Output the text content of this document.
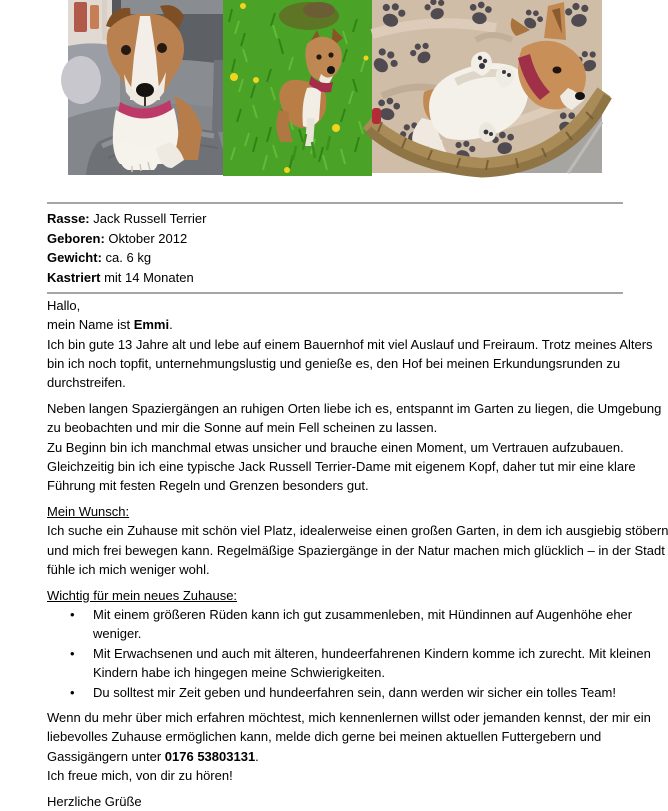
Rasse: Jack Russell Terrier
Geboren: Oktober 2012
Gewicht: ca. 6 kg
Kastriert mit 14 Monaten
Hallo,
mein Name ist Emmi.
Ich bin gute 13 Jahre alt und lebe auf einem Bauernhof mit viel Auslauf und Freiraum. Trotz meines Alters
bin ich noch topfit, unternehmungslustig und genieße es, den Hof bei meinen Erkundungsrunden zu
durchstreifen.
Neben langen Spaziergängen an ruhigen Orten liebe ich es, entspannt im Garten zu liegen, die Umgebung
zu beobachten und mir die Sonne auf mein Fell scheinen zu lassen.
Zu Beginn bin ich manchmal etwas unsicher und brauche einen Moment, um Vertrauen aufzubauen.
Gleichzeitig bin ich eine typische Jack Russell Terrier-Dame mit eigenem Kopf, daher tut mir eine klare
Führung mit festen Regeln und Grenzen besonders gut.
Mein Wunsch:
Ich suche ein Zuhause mit schön viel Platz, idealerweise einen großen Garten, in dem ich ausgiebig stöbern
und mich frei bewegen kann. Regelmäßige Spaziergänge in der Natur machen mich glücklich – in der Stadt
fühle ich mich weniger wohl.
Wichtig für mein neues Zuhause:
• Mit einem größeren Rüden kann ich gut zusammenleben, mit Hündinnen auf Augenhöhe eher
weniger.
• Mit Erwachsenen und auch mit älteren, hundeerfahrenen Kindern komme ich zurecht. Mit kleinen
Kindern habe ich hingegen meine Schwierigkeiten.
• Du solltest mir Zeit geben und hundeerfahren sein, dann werden wir sicher ein tolles Team!
Wenn du mehr über mich erfahren möchtest, mich kennenlernen willst oder jemanden kennst, der mir ein
liebevolles Zuhause ermöglichen kann, melde dich gerne bei meinen aktuellen Futtergebern und
Gassigängern unter 0176 53803131.
Ich freue mich, von dir zu hören!
Herzliche Grüße
